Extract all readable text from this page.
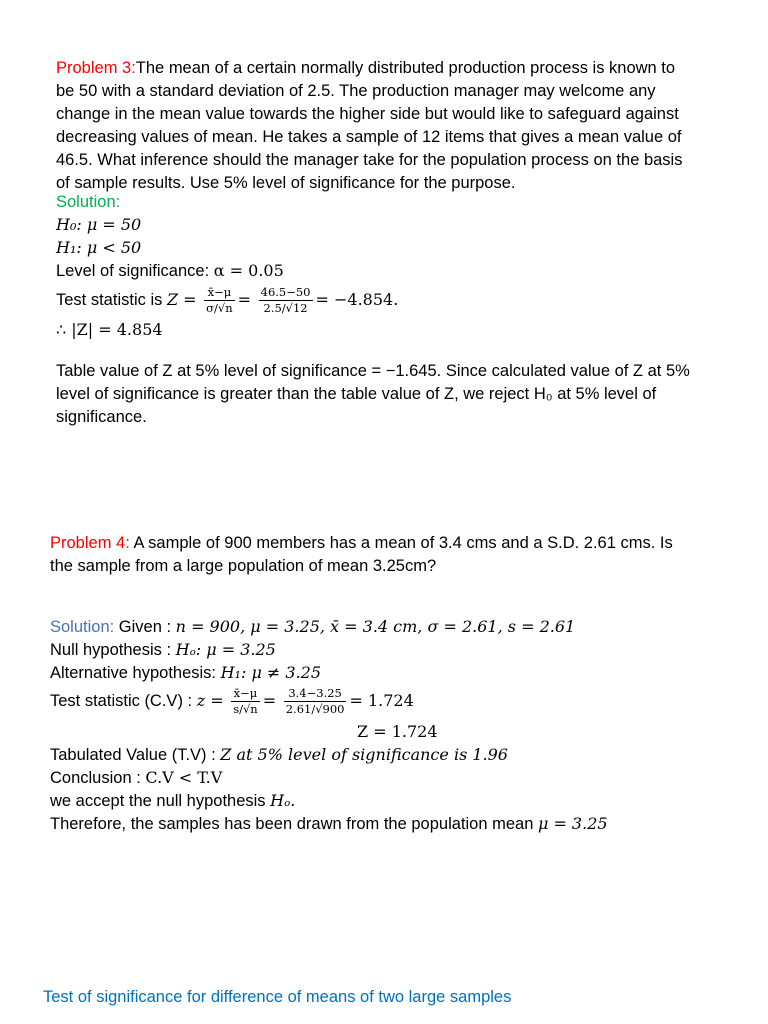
Problem 3:The mean of a certain normally distributed production process is known to
be 50 with a standard deviation of 2.5. The production manager may welcome any
change in the mean value towards the higher side but would like to safeguard against
decreasing values of mean. He takes a sample of 12 items that gives a mean value of
46.5. What inference should the manager take for the population process on the basis
of sample results. Use 5% level of significance for the purpose.
Solution:
H₀: μ = 50
H₁: μ < 50
Level of significance: α = 0.05
Test statistic is $Z = \frac{x̄-\mu}{\sigma/√n} = \frac{46.5-50}{2.5/√12} = -4.854$.
∴ |Z| = 4.854
Table value of Z at 5% level of significance = −1.645. Since calculated value of Z at 5%
level of significance is greater than the table value of Z, we reject H₀ at 5% level of
significance.
Problem 4: A sample of 900 members has a mean of 3.4 cms and a S.D. 2.61 cms. Is
the sample from a large population of mean 3.25cm?
Solution: Given : n = 900, μ = 3.25, x̄ = 3.4 cm, σ = 2.61, s = 2.61
Null hypothesis : Hₒ: μ = 3.25
Alternative hypothesis: H₁: μ ≠ 3.25
Test statistic (C.V) : $z = \frac{x̄-\mu}{s/√n} = \frac{3.4-3.25}{2.61/√900} = 1.724$
Z = 1.724
Tabulated Value (T.V) : Z at 5% level of significance is 1.96
Conclusion : C.V < T.V
we accept the null hypothesis Hₒ.
Therefore, the samples has been drawn from the population mean μ = 3.25
Test of significance for difference of means of two large samples
